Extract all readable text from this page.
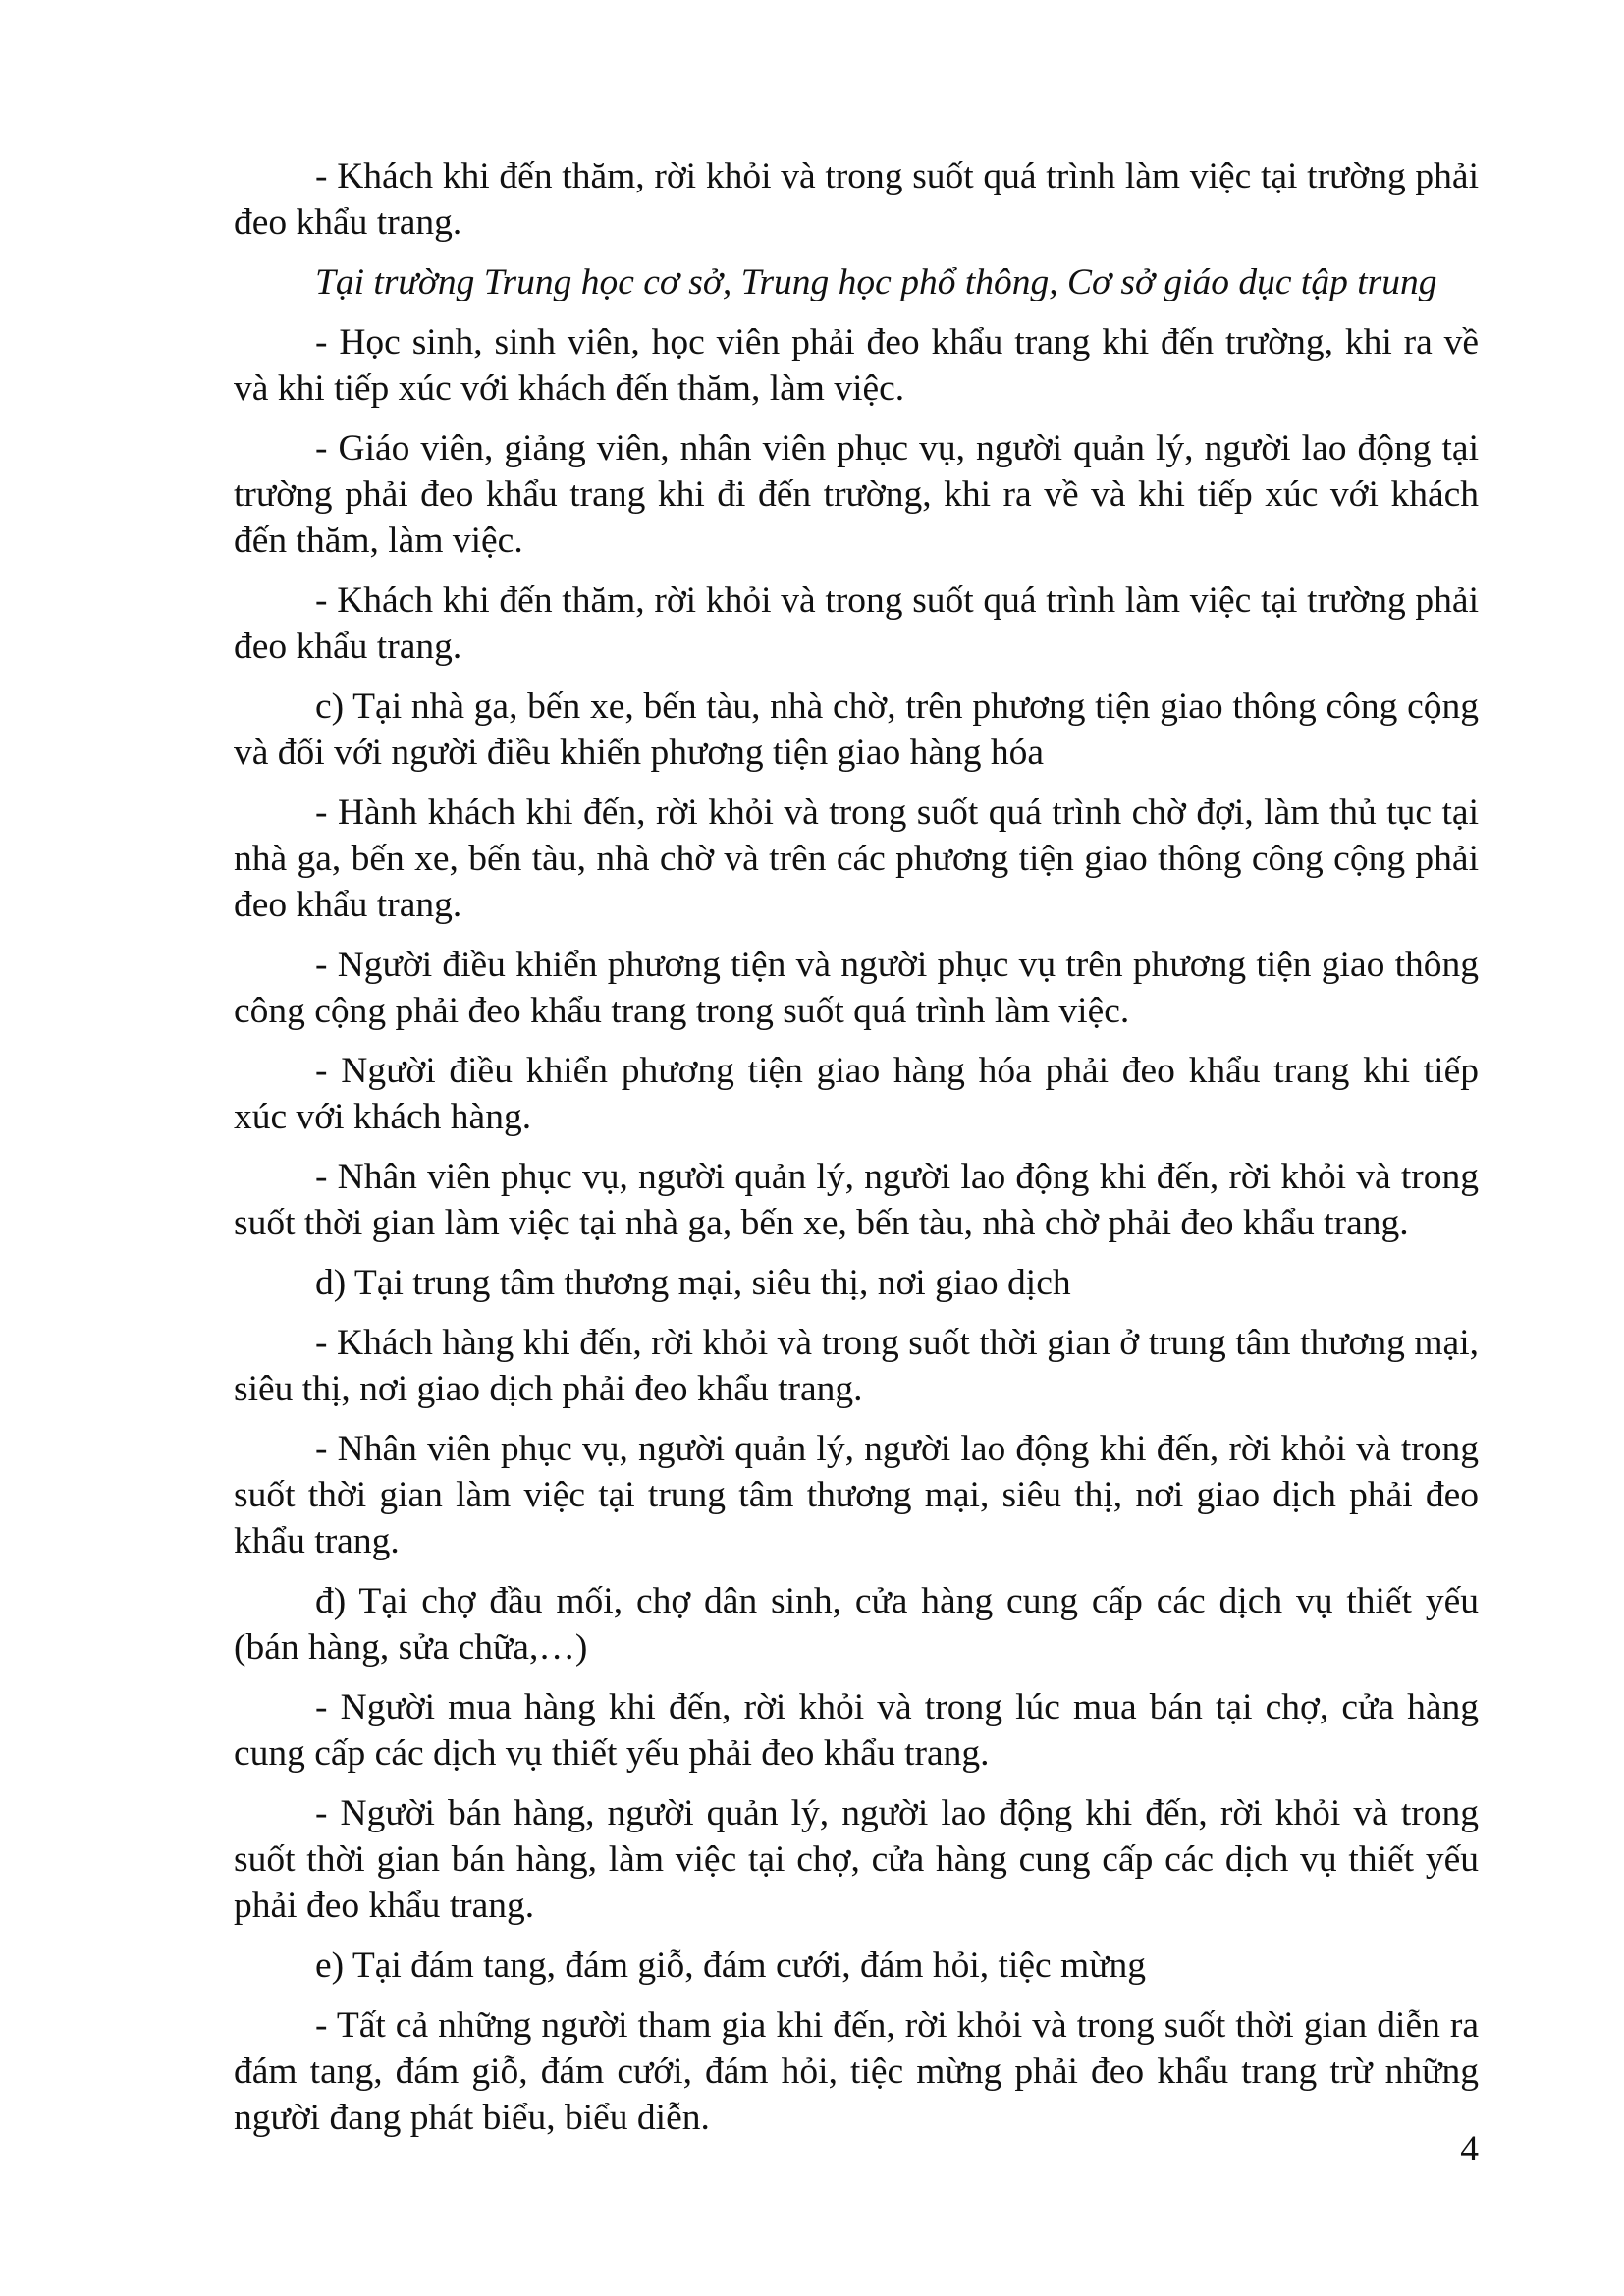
- Khách khi đến thăm, rời khỏi và trong suốt quá trình làm việc tại trường phải đeo khẩu trang.

Tại trường Trung học cơ sở, Trung học phổ thông, Cơ sở giáo dục tập trung

- Học sinh, sinh viên, học viên phải đeo khẩu trang khi đến trường, khi ra về và khi tiếp xúc với khách đến thăm, làm việc.

- Giáo viên, giảng viên, nhân viên phục vụ, người quản lý, người lao động tại trường phải đeo khẩu trang khi đi đến trường, khi ra về và khi tiếp xúc với khách đến thăm, làm việc.

- Khách khi đến thăm, rời khỏi và trong suốt quá trình làm việc tại trường phải đeo khẩu trang.

c) Tại nhà ga, bến xe, bến tàu, nhà chờ, trên phương tiện giao thông công cộng và đối với người điều khiển phương tiện giao hàng hóa

- Hành khách khi đến, rời khỏi và trong suốt quá trình chờ đợi, làm thủ tục tại nhà ga, bến xe, bến tàu, nhà chờ và trên các phương tiện giao thông công cộng phải đeo khẩu trang.

- Người điều khiển phương tiện và người phục vụ trên phương tiện giao thông công cộng phải đeo khẩu trang trong suốt quá trình làm việc.

- Người điều khiển phương tiện giao hàng hóa phải đeo khẩu trang khi tiếp xúc với khách hàng.

- Nhân viên phục vụ, người quản lý, người lao động khi đến, rời khỏi và trong suốt thời gian làm việc tại nhà ga, bến xe, bến tàu, nhà chờ phải đeo khẩu trang.

d) Tại trung tâm thương mại, siêu thị, nơi giao dịch

- Khách hàng khi đến, rời khỏi và trong suốt thời gian ở trung tâm thương mại, siêu thị, nơi giao dịch phải đeo khẩu trang.

- Nhân viên phục vụ, người quản lý, người lao động khi đến, rời khỏi và trong suốt thời gian làm việc tại trung tâm thương mại, siêu thị, nơi giao dịch phải đeo khẩu trang.

đ) Tại chợ đầu mối, chợ dân sinh, cửa hàng cung cấp các dịch vụ thiết yếu (bán hàng, sửa chữa,…)

- Người mua hàng khi đến, rời khỏi và trong lúc mua bán tại chợ, cửa hàng cung cấp các dịch vụ thiết yếu phải đeo khẩu trang.

- Người bán hàng, người quản lý, người lao động khi đến, rời khỏi và trong suốt thời gian bán hàng, làm việc tại chợ, cửa hàng cung cấp các dịch vụ thiết yếu phải đeo khẩu trang.

e) Tại đám tang, đám giỗ, đám cưới, đám hỏi, tiệc mừng

- Tất cả những người tham gia khi đến, rời khỏi và trong suốt thời gian diễn ra đám tang, đám giỗ, đám cưới, đám hỏi, tiệc mừng phải đeo khẩu trang trừ những người đang phát biểu, biểu diễn.

4
